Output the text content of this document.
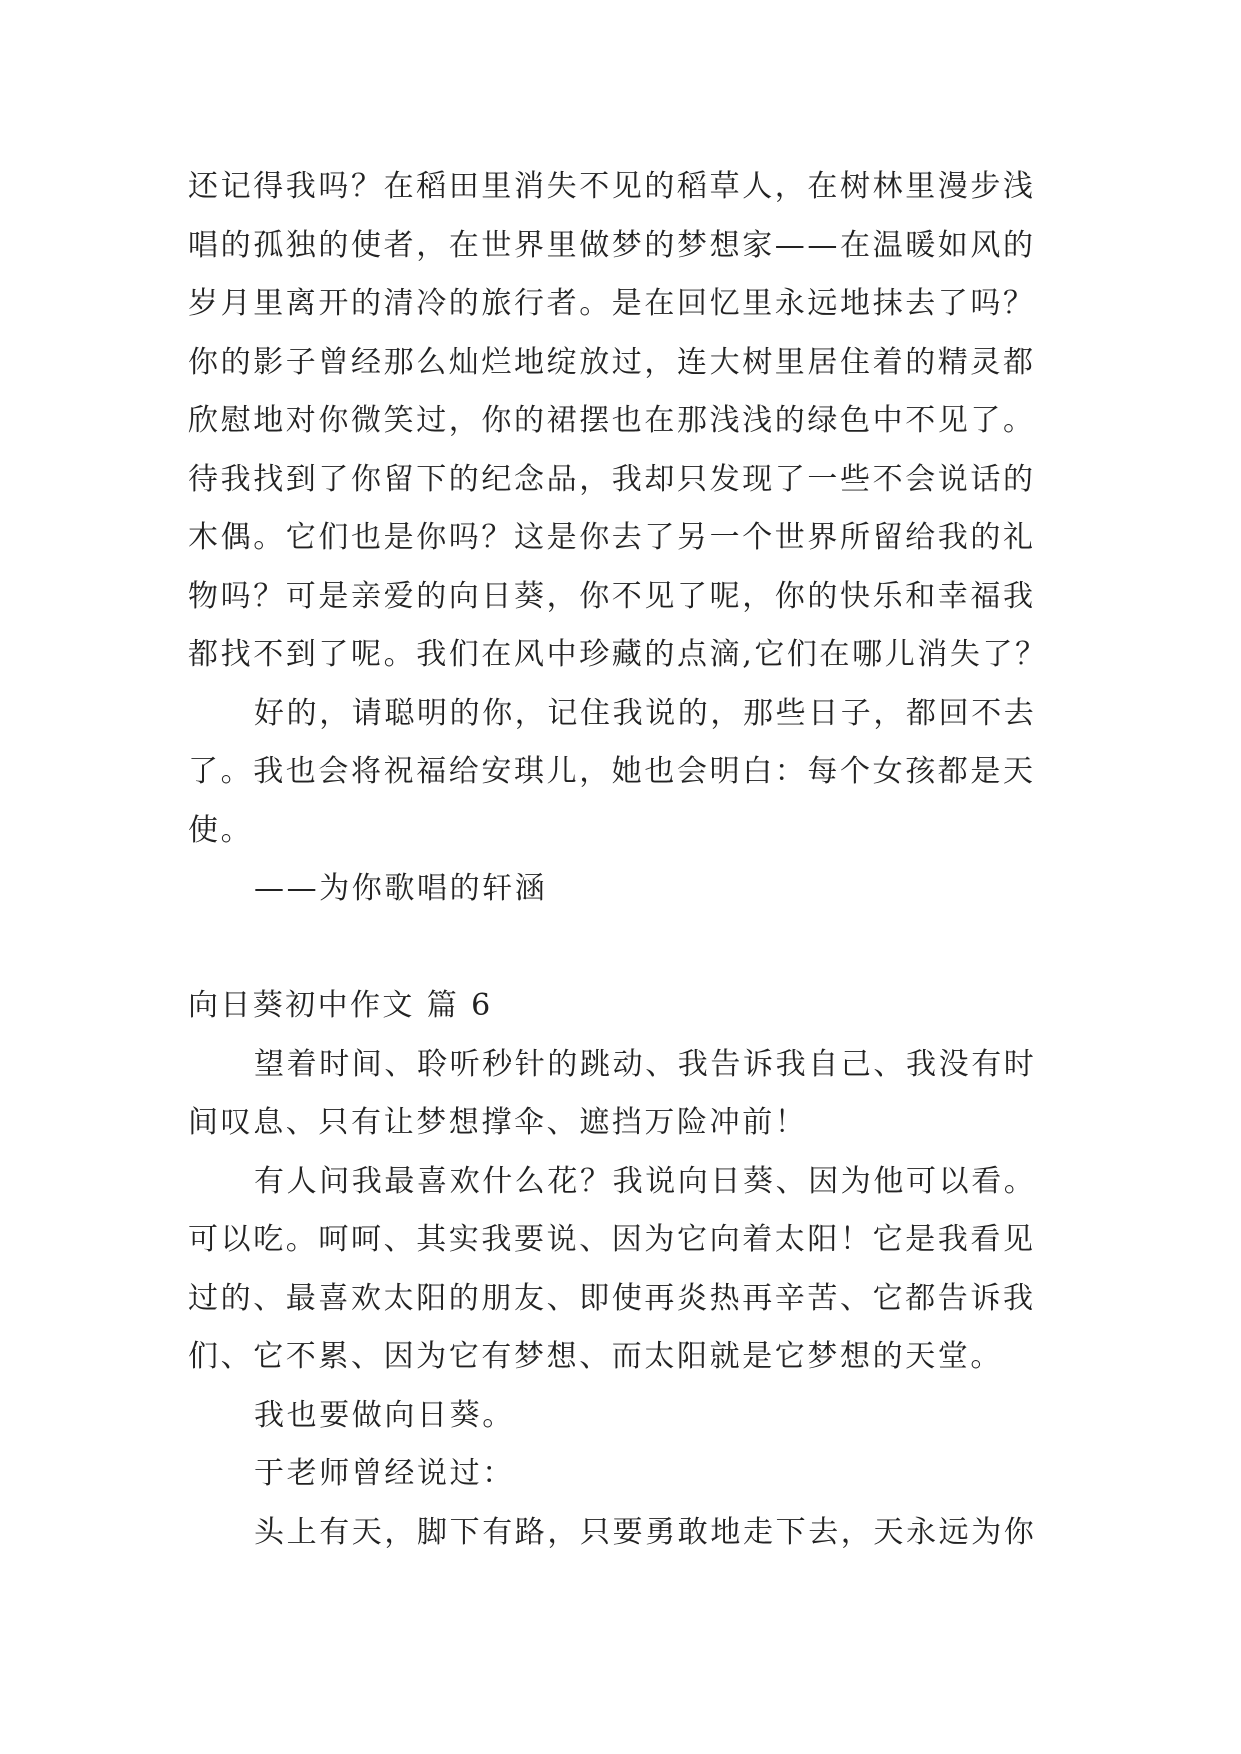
还记得我吗？在稻田里消失不见的稻草人，在树林里漫步浅

唱的孤独的使者，在世界里做梦的梦想家——在温暖如风的

岁月里离开的清冷的旅行者。是在回忆里永远地抹去了吗？

你的影子曾经那么灿烂地绽放过，连大树里居住着的精灵都

欣慰地对你微笑过，你的裙摆也在那浅浅的绿色中不见了。

待我找到了你留下的纪念品，我却只发现了一些不会说话的

木偶。它们也是你吗？这是你去了另一个世界所留给我的礼

物吗？可是亲爱的向日葵，你不见了呢，你的快乐和幸福我

都找不到了呢。我们在风中珍藏的点滴,它们在哪儿消失了？

好的，请聪明的你，记住我说的，那些日子，都回不去

了。我也会将祝福给安琪儿，她也会明白：每个女孩都是天

使。

——为你歌唱的轩涵

向日葵初中作文 篇 6

望着时间、聆听秒针的跳动、我告诉我自己、我没有时

间叹息、只有让梦想撑伞、遮挡万险冲前！

有人问我最喜欢什么花？我说向日葵、因为他可以看。

可以吃。呵呵、其实我要说、因为它向着太阳！它是我看见

过的、最喜欢太阳的朋友、即使再炎热再辛苦、它都告诉我

们、它不累、因为它有梦想、而太阳就是它梦想的天堂。

我也要做向日葵。

于老师曾经说过：

头上有天，脚下有路，只要勇敢地走下去，天永远为你
